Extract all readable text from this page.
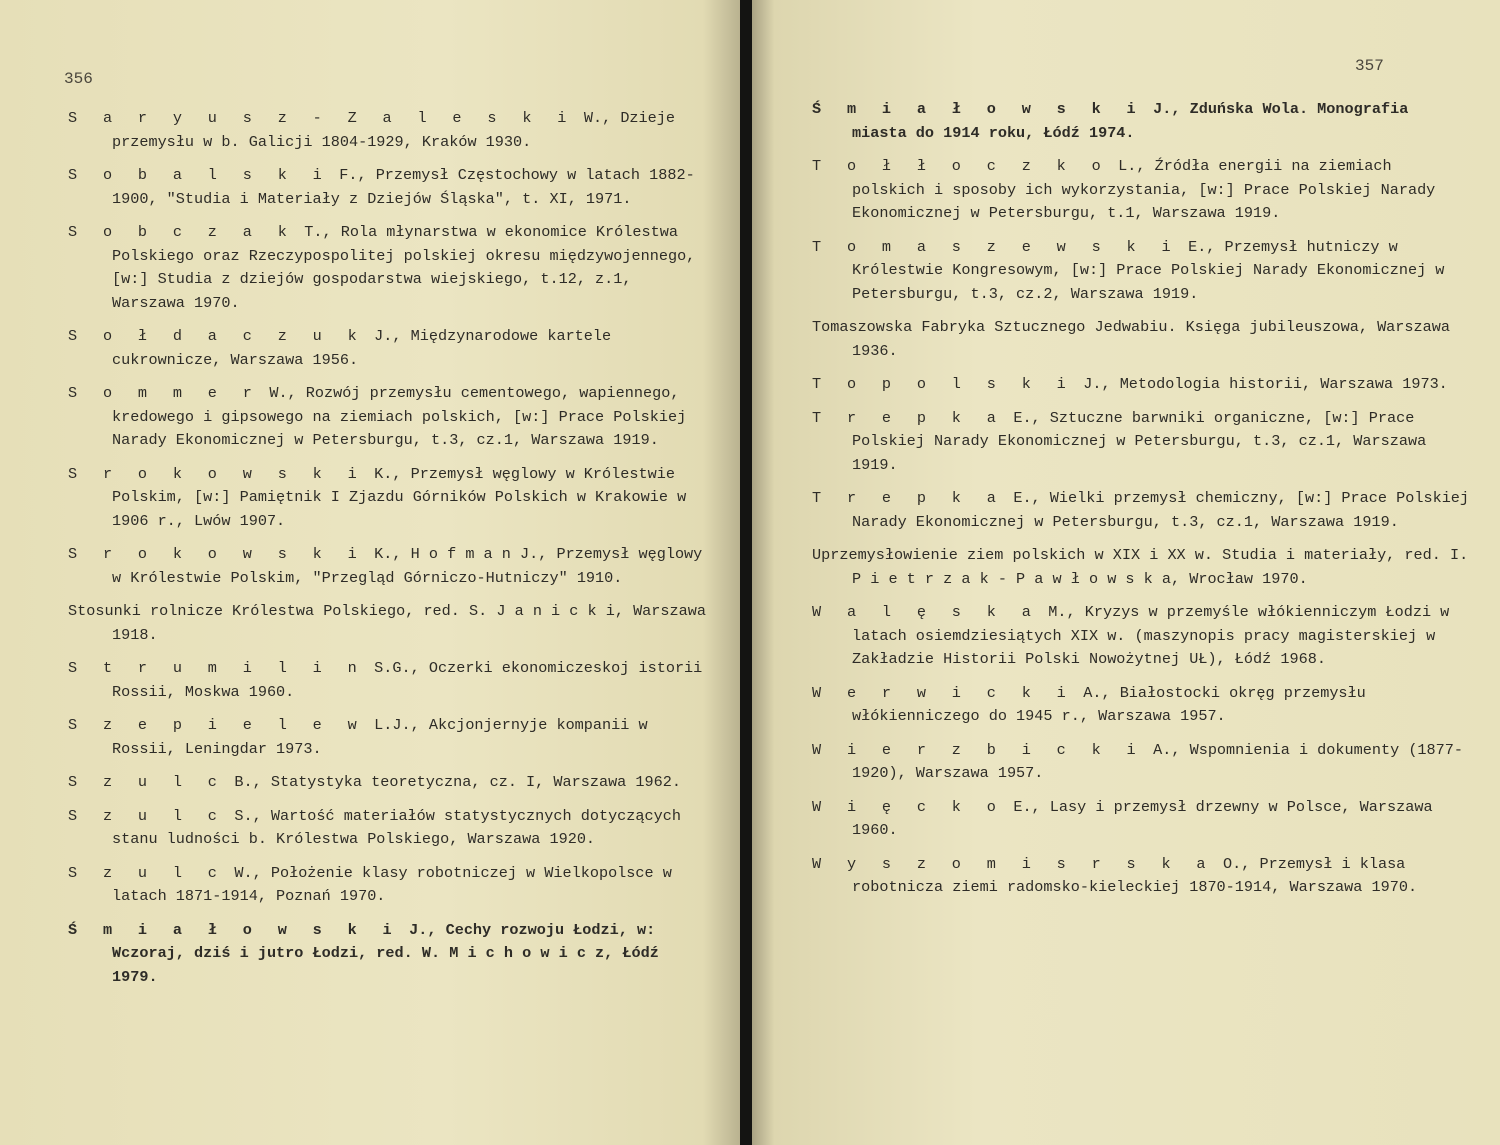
356
S a r y u s z - Z a l e s k i W., Dzieje przemysłu w b. Galicji 1804-1929, Kraków 1930.
S o b a l s k i F., Przemysł Częstochowy w latach 1882-1900, "Studia i Materiały z Dziejów Śląska", t. XI, 1971.
S o b c z a k T., Rola młynarstwa w ekonomice Królestwa Polskiego oraz Rzeczypospolitej polskiej okresu międzywojennego, [w:] Studia z dziejów gospodarstwa wiejskiego, t.12, z.1, Warszawa 1970.
S o ł d a c z u k J., Międzynarodowe kartele cukrownicze, Warszawa 1956.
S o m m e r W., Rozwój przemysłu cementowego, wapiennego, kredowego i gipsowego na ziemiach polskich, [w:] Prace Polskiej Narady Ekonomicznej w Petersburgu, t.3, cz.1, Warszawa 1919.
S r o k o w s k i K., Przemysł węglowy w Królestwie Polskim, [w:] Pamiętnik I Zjazdu Górników Polskich w Krakowie w 1906 r., Lwów 1907.
S r o k o w s k i K., H o f m a n J., Przemysł węglowy w Królestwie Polskim, "Przegląd Górniczo-Hutniczy" 1910.
Stosunki rolnicze Królestwa Polskiego, red. S. J a n i c k i, Warszawa 1918.
S t r u m i l i n S.G., Oczerki ekonomiczeskoj istorii Rossii, Moskwa 1960.
S z e p i e l e w L.J., Akcjonjernyje kompanii w Rossii, Leningdar 1973.
S z u l c B., Statystyka teoretyczna, cz. I, Warszawa 1962.
S z u l c S., Wartość materiałów statystycznych dotyczących stanu ludności b. Królestwa Polskiego, Warszawa 1920.
S z u l c W., Położenie klasy robotniczej w Wielkopolsce w latach 1871-1914, Poznań 1970.
Ś m i a ł o w s k i J., Cechy rozwoju Łodzi, w: Wczoraj, dziś i jutro Łodzi, red. W. M i c h o w i c z, Łódź 1979.
357
Ś m i a ł o w s k i J., Zduńska Wola. Monografia miasta do 1914 roku, Łódź 1974.
T o ł ł o c z k o L., Źródła energii na ziemiach polskich i sposoby ich wykorzystania, [w:] Prace Polskiej Narady Ekonomicznej w Petersburgu, t.1, Warszawa 1919.
T o m a s z e w s k i E., Przemysł hutniczy w Królestwie Kongresowym, [w:] Prace Polskiej Narady Ekonomicznej w Petersburgu, t.3, cz.2, Warszawa 1919.
Tomaszowska Fabryka Sztucznego Jedwabiu. Księga jubileuszowa, Warszawa 1936.
T o p o l s k i J., Metodologia historii, Warszawa 1973.
T r e p k a E., Sztuczne barwniki organiczne, [w:] Prace Polskiej Narady Ekonomicznej w Petersburgu, t.3, cz.1, Warszawa 1919.
T r e p k a E., Wielki przemysł chemiczny, [w:] Prace Polskiej Narady Ekonomicznej w Petersburgu, t.3, cz.1, Warszawa 1919.
Uprzemysłowienie ziem polskich w XIX i XX w. Studia i materiały, red. I. P i e t r z a k - P a w ł o w s k a, Wrocław 1970.
W a l ę s k a M., Kryzys w przemyśle włókienniczym Łodzi w latach osiemdziesiątych XIX w. (maszynopis pracy magisterskiej w Zakładzie Historii Polski Nowożytnej UŁ), Łódź 1968.
W e r w i c k i A., Białostocki okręg przemysłu włókienniczego do 1945 r., Warszawa 1957.
W i e r z b i c k i A., Wspomnienia i dokumenty (1877-1920), Warszawa 1957.
W i ę c k o E., Lasy i przemysł drzewny w Polsce, Warszawa 1960.
W y s z o m i s r s k a O., Przemysł i klasa robotnicza ziemi radomsko-kieleckiej 1870-1914, Warszawa 1970.
